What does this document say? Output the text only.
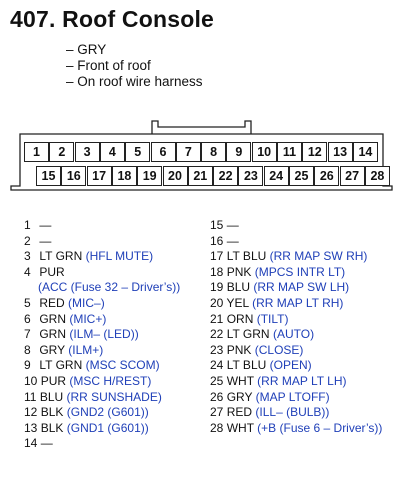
407. Roof Console
– GRY
– Front of roof
– On roof wire harness
1	2	3	4	5	6	7	8	9	10 11 12 13 14
15 16 17 18 19 20 21 22 23 24 25 26 27 28
1 —
2 —
3 LT GRN (HFL MUTE)
4 PUR
(ACC (Fuse 32 – Driver’s))
5 RED (MIC–)
6 GRN (MIC+)
7 GRN (ILM– (LED))
8 GRY (ILM+)
9 LT GRN (MSC SCOM)
10 PUR (MSC H/REST)
11 BLU (RR SUNSHADE)
12 BLK (GND2 (G601))
13 BLK (GND1 (G601))
14 —
15 —
16 —
17 LT BLU (RR MAP SW RH)
18 PNK (MPCS INTR LT)
19 BLU (RR MAP SW LH)
20 YEL (RR MAP LT RH)
21 ORN (TILT)
22 LT GRN (AUTO)
23 PNK (CLOSE)
24 LT BLU (OPEN)
25 WHT (RR MAP LT LH)
26 GRY (MAP LTOFF)
27 RED (ILL– (BULB))
28 WHT (+B (Fuse 6 – Driver’s))
